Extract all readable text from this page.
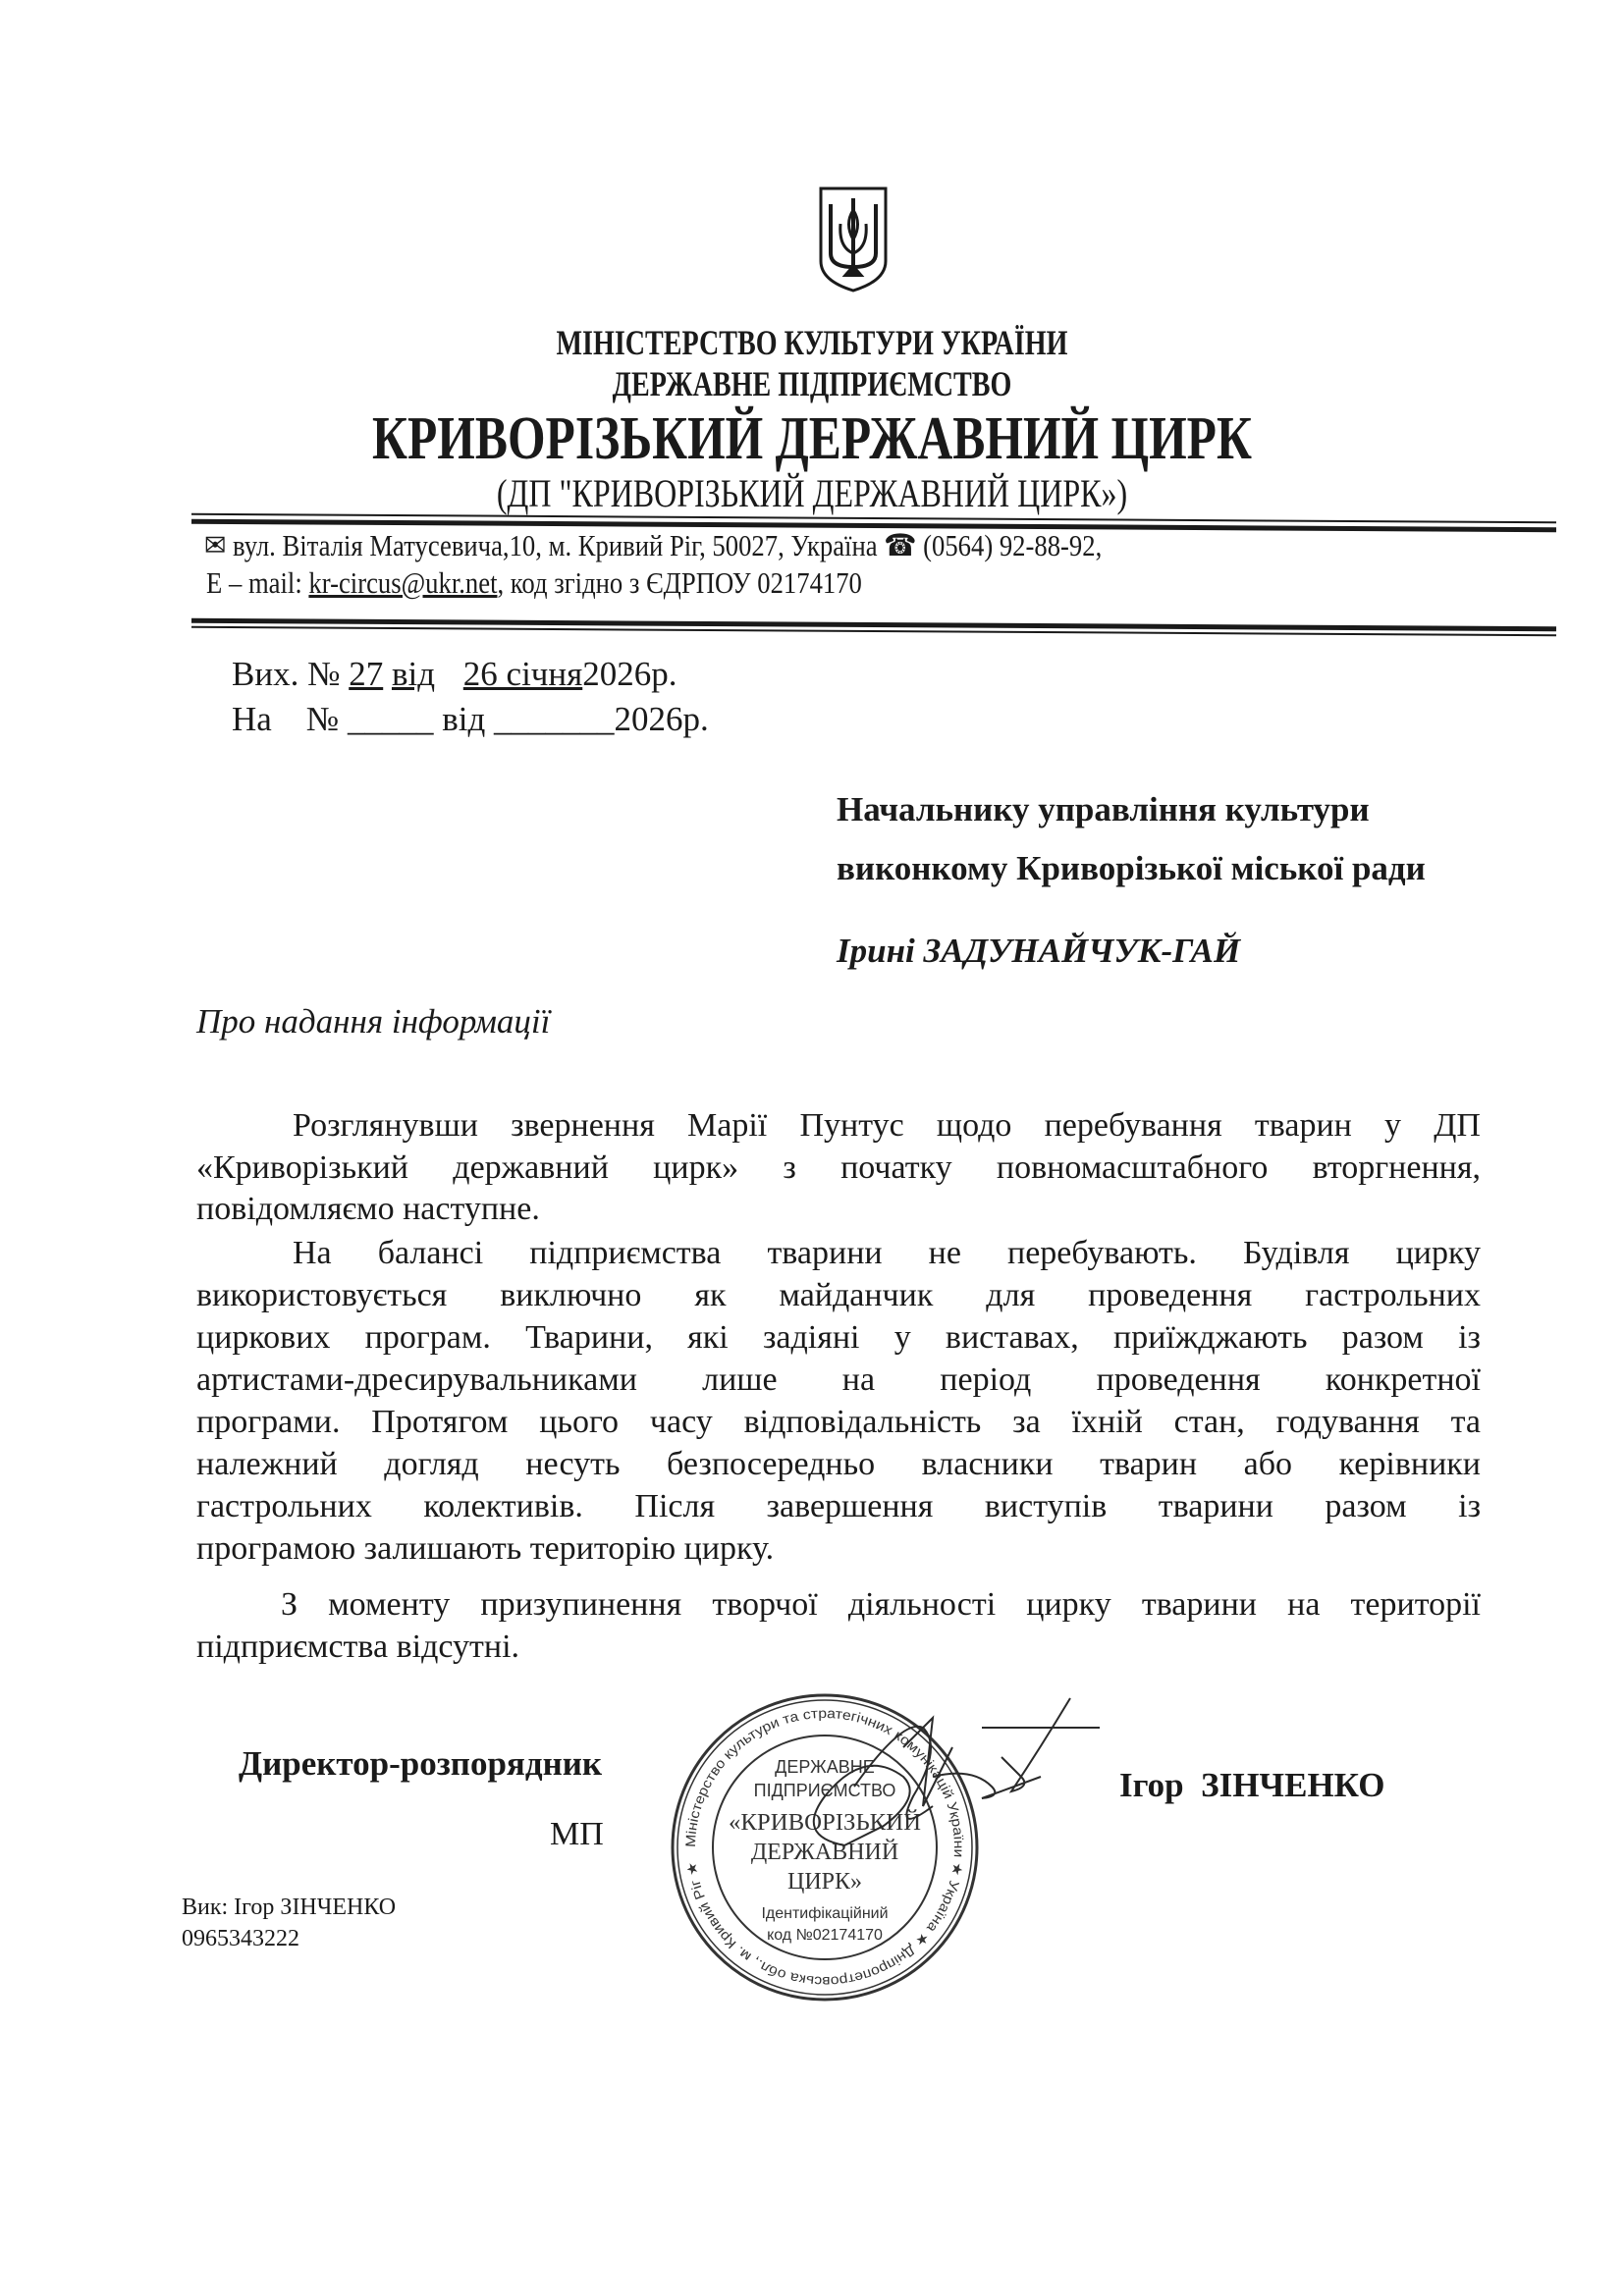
МІНІСТЕРСТВО КУЛЬТУРИ УКРАЇНИ
ДЕРЖАВНЕ ПІДПРИЄМСТВО
КРИВОРІЗЬКИЙ ДЕРЖАВНИЙ ЦИРК
(ДП "КРИВОРІЗЬКИЙ ДЕРЖАВНИЙ ЦИРК»)
✉ вул. Віталія Матусевича,10, м. Кривий Ріг, 50027, Україна ☎ (0564) 92-88-92,
E – mail: kr-circus@ukr.net, код згідно з ЄДРПОУ 02174170
Вих. № 27 від 26 січня2026р.
На    № _____ від _______2026р.
Начальнику управління культури
виконкому Криворізької міської ради
Ірині ЗАДУНАЙЧУК-ГАЙ
Про надання інформації
Розглянувши звернення Марії Пунтус щодо перебування тварин у ДП
«Криворізький державний цирк» з початку повномасштабного вторгнення,
повідомляємо наступне.
На балансі підприємства тварини не перебувають. Будівля цирку
використовується виключно як майданчик для проведення гастрольних
циркових програм. Тварини, які задіяні у виставах, приїжджають разом із
артистами-дресирувальниками лише на період проведення конкретної
програми. Протягом цього часу відповідальність за їхній стан, годування та
належний догляд несуть безпосередньо власники тварин або керівники
гастрольних колективів. Після завершення виступів тварини разом із
програмою залишають територію цирку.
З моменту призупинення творчої діяльності цирку тварини на території
підприємства відсутні.
Директор-розпорядник
Ігор  ЗІНЧЕНКО
МП	Міністерство культури та стратегічних комунікацій України ★ Україна ★ Дніпропетровська обл., м. Кривий Ріг ★
ДЕРЖАВНЕ
ПІДПРИЄМСТВО
«КРИВОРІЗЬКИЙ
ДЕРЖАВНИЙ
ЦИРК»
Ідентифікаційний
код №02174170
Вик: Ігор ЗІНЧЕНКО
0965343222
